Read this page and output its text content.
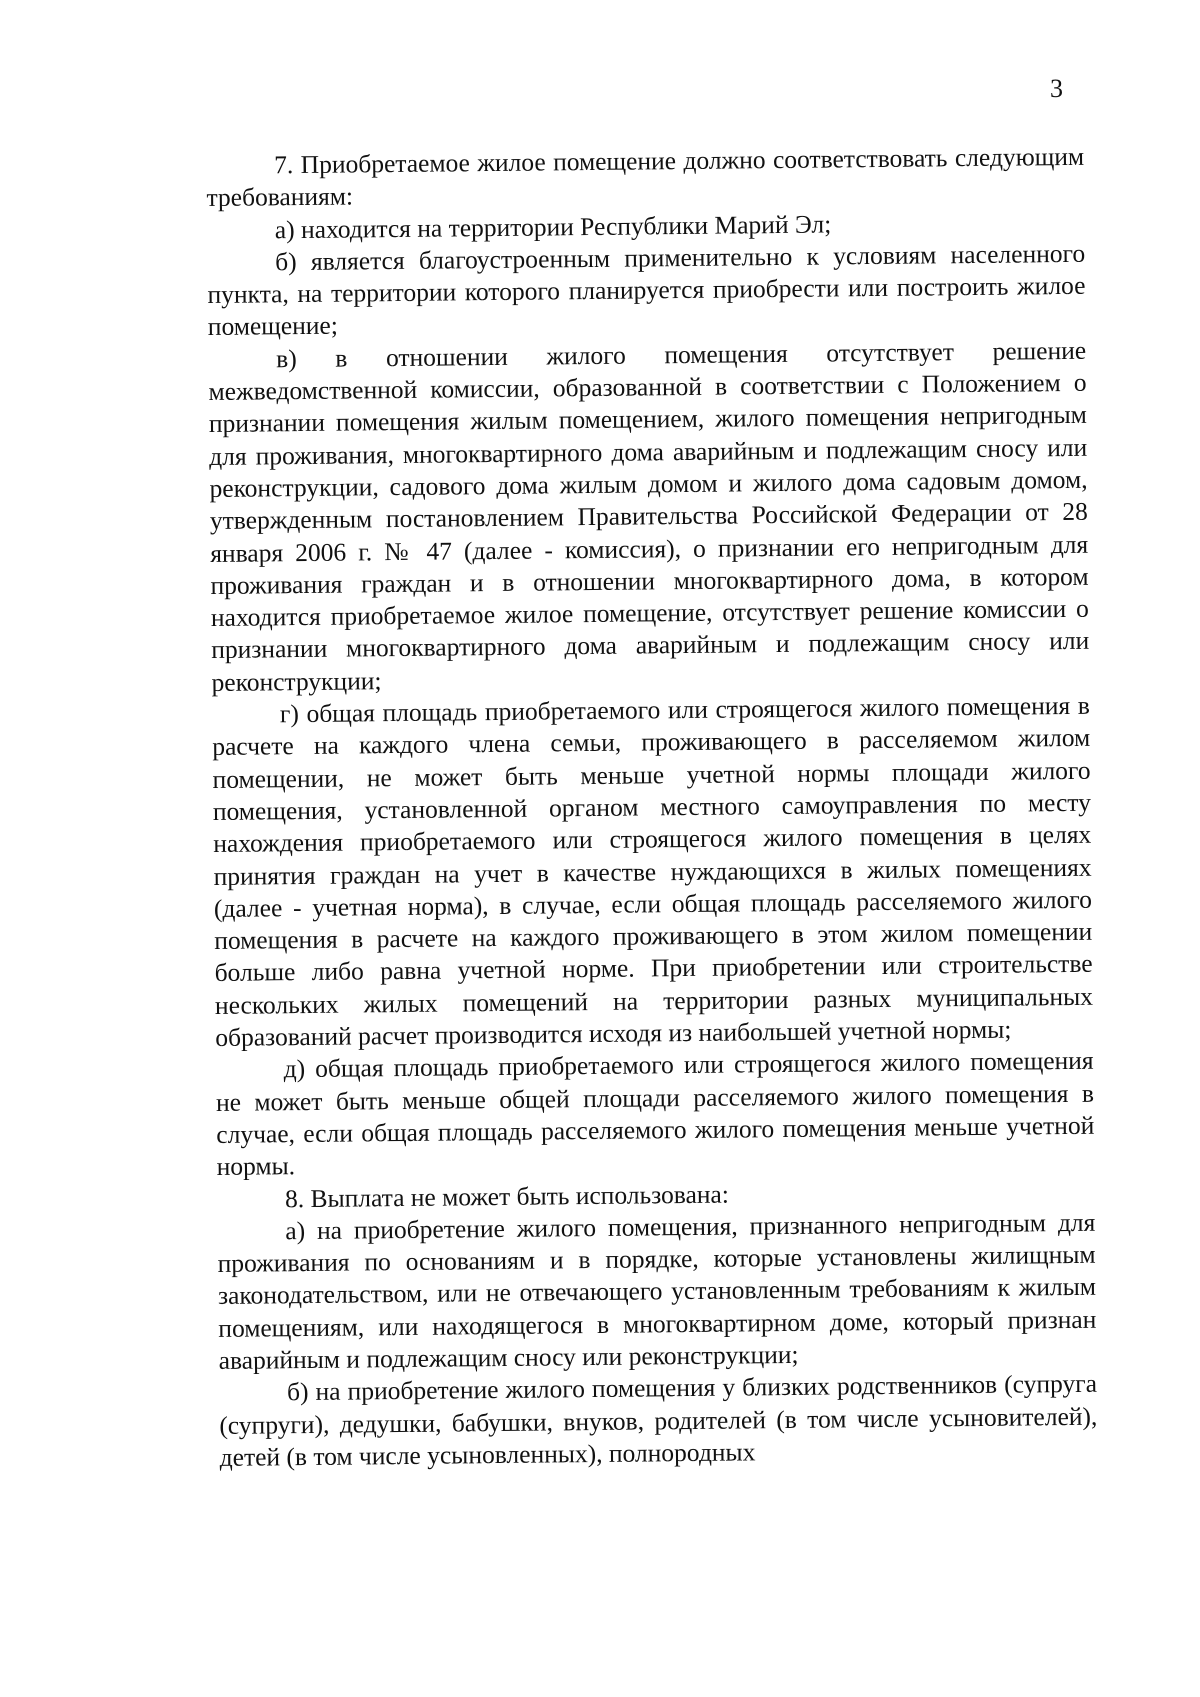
3

7. Приобретаемое жилое помещение должно соответствовать следующим требованиям:

а) находится на территории Республики Марий Эл;

б) является благоустроенным применительно к условиям населенного пункта, на территории которого планируется приобрести или построить жилое помещение;

в) в отношении жилого помещения отсутствует решение межведомственной комиссии, образованной в соответствии с Положением о признании помещения жилым помещением, жилого помещения непригодным для проживания, многоквартирного дома аварийным и подлежащим сносу или реконструкции, садового дома жилым домом и жилого дома садовым домом, утвержденным постановлением Правительства Российской Федерации от 28 января 2006 г. № 47 (далее - комиссия), о признании его непригодным для проживания граждан и в отношении многоквартирного дома, в котором находится приобретаемое жилое помещение, отсутствует решение комиссии о признании многоквартирного дома аварийным и подлежащим сносу или реконструкции;

г) общая площадь приобретаемого или строящегося жилого помещения в расчете на каждого члена семьи, проживающего в расселяемом жилом помещении, не может быть меньше учетной нормы площади жилого помещения, установленной органом местного самоуправления по месту нахождения приобретаемого или строящегося жилого помещения в целях принятия граждан на учет в качестве нуждающихся в жилых помещениях (далее - учетная норма), в случае, если общая площадь расселяемого жилого помещения в расчете на каждого проживающего в этом жилом помещении больше либо равна учетной норме. При приобретении или строительстве нескольких жилых помещений на территории разных муниципальных образований расчет производится исходя из наибольшей учетной нормы;

д) общая площадь приобретаемого или строящегося жилого помещения не может быть меньше общей площади расселяемого жилого помещения в случае, если общая площадь расселяемого жилого помещения меньше учетной нормы.

8. Выплата не может быть использована:

а) на приобретение жилого помещения, признанного непригодным для проживания по основаниям и в порядке, которые установлены жилищным законодательством, или не отвечающего установленным требованиям к жилым помещениям, или находящегося в многоквартирном доме, который признан аварийным и подлежащим сносу или реконструкции;

б) на приобретение жилого помещения у близких родственников (супруга (супруги), дедушки, бабушки, внуков, родителей (в том числе усыновителей), детей (в том числе усыновленных), полнородных
